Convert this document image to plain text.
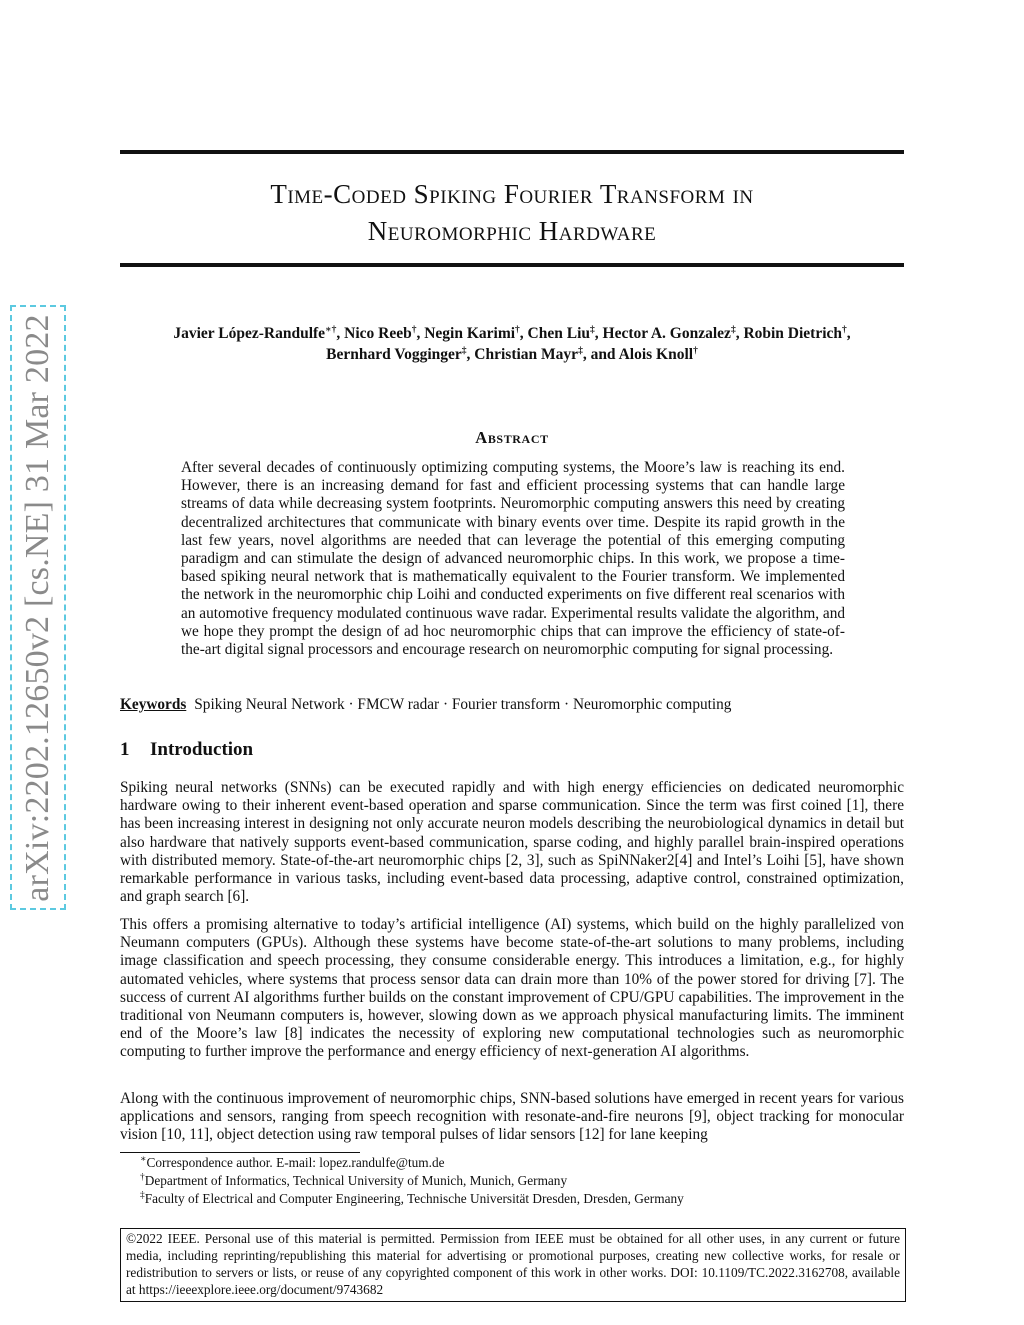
arXiv:2202.12650v2 [cs.NE] 31 Mar 2022
Time-Coded Spiking Fourier Transform in
Neuromorphic Hardware
Javier López-Randulfe∗†, Nico Reeb†, Negin Karimi†, Chen Liu‡, Hector A. Gonzalez‡, Robin Dietrich†,
Bernhard Vogginger‡, Christian Mayr‡, and Alois Knoll†
Abstract

After several decades of continuously optimizing computing systems, the Moore’s law is reaching its end. However, there is an increasing demand for fast and efficient processing systems that can handle large streams of data while decreasing system footprints. Neuromorphic computing answers this need by creating decentralized architectures that communicate with binary events over time. Despite its rapid growth in the last few years, novel algorithms are needed that can leverage the potential of this emerging computing paradigm and can stimulate the design of advanced neuromorphic chips. In this work, we propose a time-based spiking neural network that is mathematically equivalent to the Fourier transform. We implemented the network in the neuromorphic chip Loihi and conducted experiments on five different real scenarios with an automotive frequency modulated continuous wave radar. Experimental results validate the algorithm, and we hope they prompt the design of ad hoc neuromorphic chips that can improve the efficiency of state-of-the-art digital signal processors and encourage research on neuromorphic computing for signal processing.

Keywords Spiking Neural Network · FMCW radar · Fourier transform · Neuromorphic computing
1 Introduction

Spiking neural networks (SNNs) can be executed rapidly and with high energy efficiencies on dedicated neuromorphic hardware owing to their inherent event-based operation and sparse communication. Since the term was first coined [1], there has been increasing interest in designing not only accurate neuron models describing the neurobiological dynamics in detail but also hardware that natively supports event-based communication, sparse coding, and highly parallel brain-inspired operations with distributed memory. State-of-the-art neuromorphic chips [2, 3], such as SpiNNaker2[4] and Intel’s Loihi [5], have shown remarkable performance in various tasks, including event-based data processing, adaptive control, constrained optimization, and graph search [6].

This offers a promising alternative to today’s artificial intelligence (AI) systems, which build on the highly parallelized von Neumann computers (GPUs). Although these systems have become state-of-the-art solutions to many problems, including image classification and speech processing, they consume considerable energy. This introduces a limitation, e.g., for highly automated vehicles, where systems that process sensor data can drain more than 10% of the power stored for driving [7]. The success of current AI algorithms further builds on the constant improvement of CPU/GPU capabilities. The improvement in the traditional von Neumann computers is, however, slowing down as we approach physical manufacturing limits. The imminent end of the Moore’s law [8] indicates the necessity of exploring new computational technologies such as neuromorphic computing to further improve the performance and energy efficiency of next-generation AI algorithms.

Along with the continuous improvement of neuromorphic chips, SNN-based solutions have emerged in recent years for various applications and sensors, ranging from speech recognition with resonate-and-fire neurons [9], object tracking for monocular vision [10, 11], object detection using raw temporal pulses of lidar sensors [12] for lane keeping

∗Correspondence author. E-mail: lopez.randulfe@tum.de
†Department of Informatics, Technical University of Munich, Munich, Germany
‡Faculty of Electrical and Computer Engineering, Technische Universität Dresden, Dresden, Germany
©2022 IEEE. Personal use of this material is permitted. Permission from IEEE must be obtained for all other uses, in any current or future media, including reprinting/republishing this material for advertising or promotional purposes, creating new collective works, for resale or redistribution to servers or lists, or reuse of any copyrighted component of this work in other works. DOI: 10.1109/TC.2022.3162708, available at https://ieeexplore.ieee.org/document/9743682
